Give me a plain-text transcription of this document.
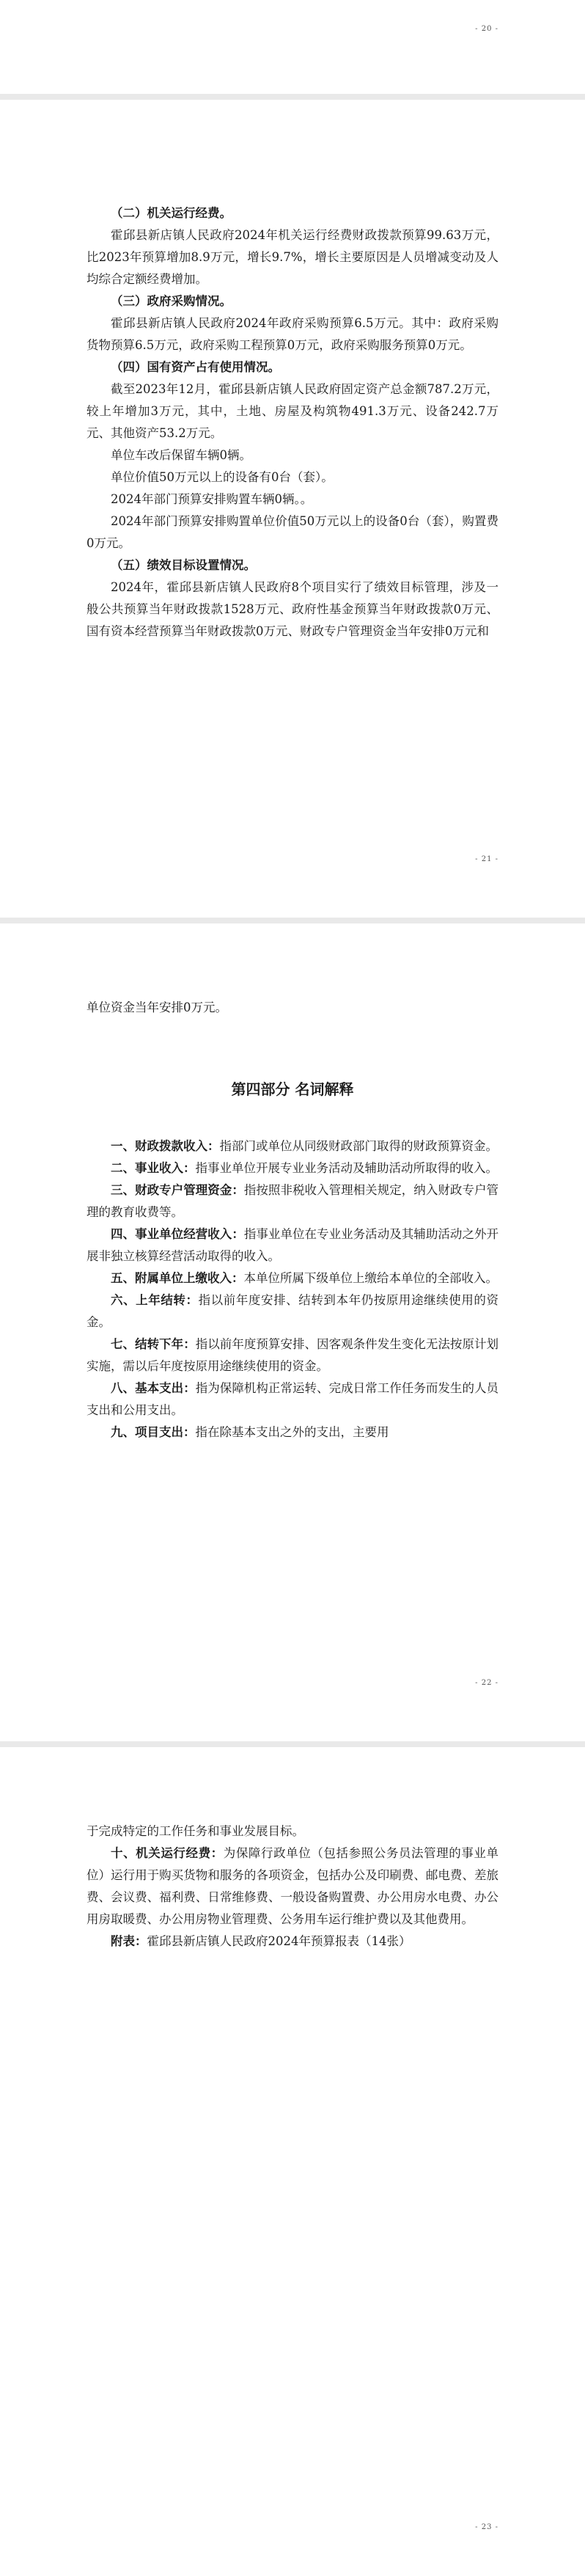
- 20 -

（二）机关运行经费。

霍邱县新店镇人民政府2024年机关运行经费财政拨款预算99.63万元，比2023年预算增加8.9万元，增长9.7%，增长主要原因是人员增减变动及人均综合定额经费增加。

（三）政府采购情况。

霍邱县新店镇人民政府2024年政府采购预算6.5万元。其中：政府采购货物预算6.5万元，政府采购工程预算0万元，政府采购服务预算0万元。

（四）国有资产占有使用情况。

截至2023年12月，霍邱县新店镇人民政府固定资产总金额787.2万元，较上年增加3万元，其中，土地、房屋及构筑物491.3万元、设备242.7万元、其他资产53.2万元。

单位车改后保留车辆0辆。

单位价值50万元以上的设备有0台（套）。

2024年部门预算安排购置车辆0辆。。

2024年部门预算安排购置单位价值50万元以上的设备0台（套），购置费0万元。

（五）绩效目标设置情况。

2024年，霍邱县新店镇人民政府8个项目实行了绩效目标管理，涉及一般公共预算当年财政拨款1528万元、政府性基金预算当年财政拨款0万元、国有资本经营预算当年财政拨款0万元、财政专户管理资金当年安排0万元和

- 21 -

单位资金当年安排0万元。

第四部分 名词解释

一、财政拨款收入：指部门或单位从同级财政部门取得的财政预算资金。

二、事业收入：指事业单位开展专业业务活动及辅助活动所取得的收入。

三、财政专户管理资金：指按照非税收入管理相关规定，纳入财政专户管理的教育收费等。

四、事业单位经营收入：指事业单位在专业业务活动及其辅助活动之外开展非独立核算经营活动取得的收入。

五、附属单位上缴收入：本单位所属下级单位上缴给本单位的全部收入。

六、上年结转：指以前年度安排、结转到本年仍按原用途继续使用的资金。

七、结转下年：指以前年度预算安排、因客观条件发生变化无法按原计划实施，需以后年度按原用途继续使用的资金。

八、基本支出：指为保障机构正常运转、完成日常工作任务而发生的人员支出和公用支出。

九、项目支出：指在除基本支出之外的支出，主要用

- 22 -

于完成特定的工作任务和事业发展目标。

十、机关运行经费：为保障行政单位（包括参照公务员法管理的事业单位）运行用于购买货物和服务的各项资金，包括办公及印刷费、邮电费、差旅费、会议费、福利费、日常维修费、一般设备购置费、办公用房水电费、办公用房取暖费、办公用房物业管理费、公务用车运行维护费以及其他费用。

附表：霍邱县新店镇人民政府2024年预算报表（14张）

- 23 -
